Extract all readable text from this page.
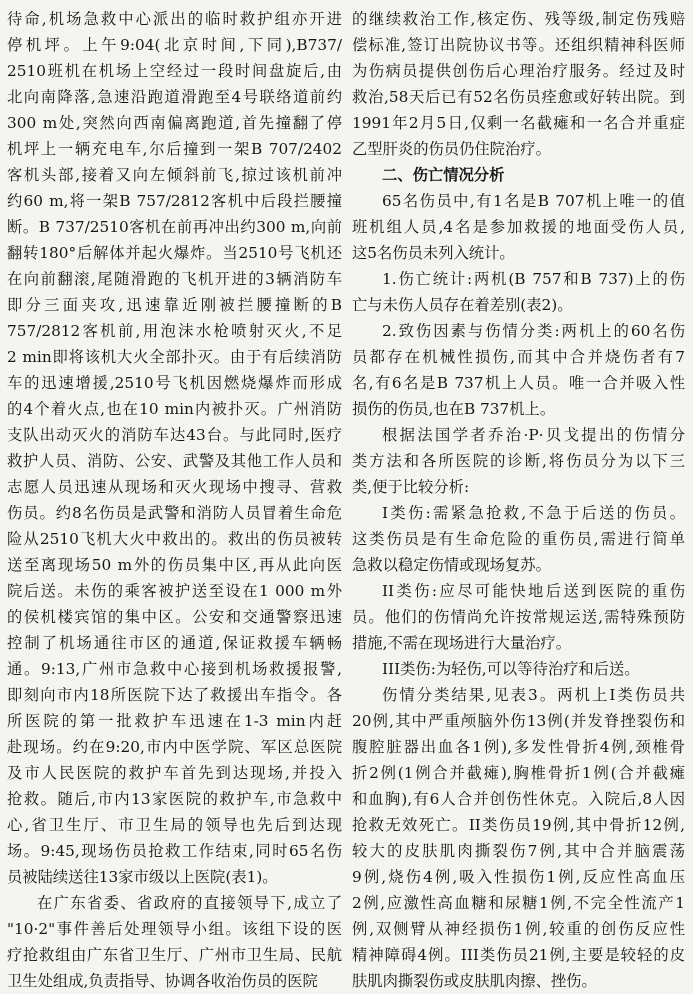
待命,机场急救中心派出的临时救护组亦开进
停机坪。上午9:04(北京时间,下同),B737/
2510班机在机场上空经过一段时间盘旋后,由
北向南降落,急速沿跑道滑跑至4号联络道前约
300 m处,突然向西南偏离跑道,首先撞翻了停
机坪上一辆充电车,尔后撞到一架B 707/2402
客机头部,接着又向左倾斜前飞,掠过该机前冲
约60 m,将一架B 757/2812客机中后段拦腰撞
断。B 737/2510客机在前再冲出约300 m,向前
翻转180°后解体并起火爆炸。当2510号飞机还
在向前翻滚,尾随滑跑的飞机开进的3辆消防车
即分三面夹攻,迅速靠近刚被拦腰撞断的B
757/2812客机前,用泡沫水枪喷射灭火,不足
2 min即将该机大火全部扑灭。由于有后续消防
车的迅速增援,2510号飞机因燃烧爆炸而形成
的4个着火点,也在10 min内被扑灭。广州消防
支队出动灭火的消防车达43台。与此同时,医疗
救护人员、消防、公安、武警及其他工作人员和
志愿人员迅速从现场和灭火现场中搜寻、营救
伤员。约8名伤员是武警和消防人员冒着生命危
险从2510飞机大火中救出的。救出的伤员被转
送至离现场50 m外的伤员集中区,再从此向医
院后送。未伤的乘客被护送至设在1 000 m外
的侯机楼宾馆的集中区。公安和交通警察迅速
控制了机场通往市区的通道,保证救援车辆畅
通。9:13,广州市急救中心接到机场救援报警,
即刻向市内18所医院下达了救援出车指令。各
所医院的第一批救护车迅速在1-3 min内赶
赴现场。约在9:20,市内中医学院、军区总医院
及市人民医院的救护车首先到达现场,并投入
抢救。随后,市内13家医院的救护车,市急救中
心,省卫生厅、市卫生局的领导也先后到达现
场。9:45,现场伤员抢救工作结束,同时65名伤
员被陆续送往13家市级以上医院(表1)。
在广东省委、省政府的直接领导下,成立了
"10·2"事件善后处理领导小组。该组下设的医
疗抢救组由广东省卫生厅、广州市卫生局、民航
卫生处组成,负责指导、协调各收治伤员的医院
的继续救治工作,核定伤、残等级,制定伤残赔
偿标准,签订出院协议书等。还组织精神科医师
为伤病员提供创伤后心理治疗服务。经过及时
救治,58天后已有52名伤员痊愈或好转出院。到
1991年2月5日,仅剩一名截瘫和一名合并重症
乙型肝炎的伤员仍住院治疗。
二、伤亡情况分析
65名伤员中,有1名是B 707机上唯一的值
班机组人员,4名是参加救援的地面受伤人员,
这5名伤员未列入统计。
1.伤亡统计:两机(B 757和B 737)上的伤
亡与未伤人员存在着差别(表2)。
2.致伤因素与伤情分类:两机上的60名伤
员都存在机械性损伤,而其中合并烧伤者有7
名,有6名是B 737机上人员。唯一合并吸入性
损伤的伤员,也在B 737机上。
根据法国学者乔治·P·贝戈提出的伤情分
类方法和各所医院的诊断,将伤员分为以下三
类,便于比较分析:
I类伤:需紧急抢救,不急于后送的伤员。
这类伤员是有生命危险的重伤员,需进行简单
急救以稳定伤情或现场复苏。
II类伤:应尽可能快地后送到医院的重伤
员。他们的伤情尚允许按常规运送,需特殊预防
措施,不需在现场进行大量治疗。
III类伤:为轻伤,可以等待治疗和后送。
伤情分类结果,见表3。两机上I类伤员共
20例,其中严重颅脑外伤13例(并发脊挫裂伤和
腹腔脏器出血各1例),多发性骨折4例,颈椎骨
折2例(1例合并截瘫),胸椎骨折1例(合并截瘫
和血胸),有6人合并创伤性休克。入院后,8人因
抢救无效死亡。II类伤员19例,其中骨折12例,
较大的皮肤肌肉撕裂伤7例,其中合并脑震荡
9例,烧伤4例,吸入性损伤1例,反应性高血压
2例,应激性高血糖和尿糖1例,不完全性流产1
例,双侧臂从神经损伤1例,较重的创伤反应性
精神障碍4例。III类伤员21例,主要是较轻的皮
肤肌肉撕裂伤或皮肤肌肉擦、挫伤。
